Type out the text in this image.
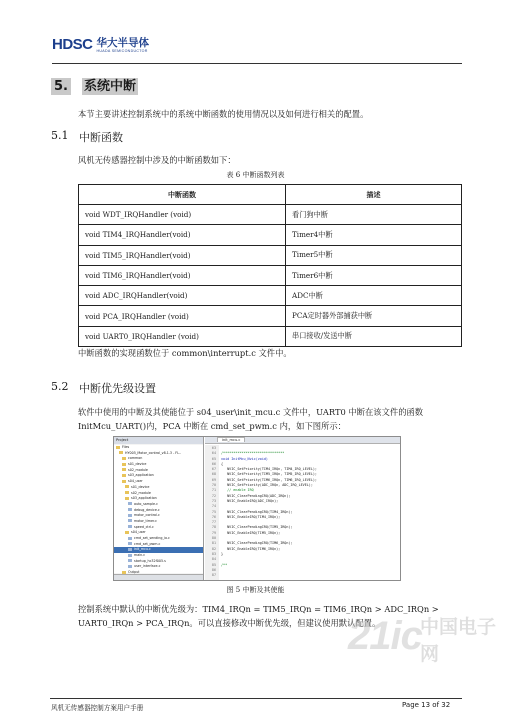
HDSC 华大半导体
HUADA SEMICONDUCTOR
5. 系统中断
本节主要讲述控制系统中的系统中断函数的使用情况以及如何进行相关的配置。
5.1 中断函数
风机无传感器控制中涉及的中断函数如下：
表 6 中断函数列表
中断函数	描述
void WDT_IRQHandler (void)	看门狗中断
void TIM4_IRQHandler(void)	Timer4中断
void TIM5_IRQHandler(void)	Timer5中断
void TIM6_IRQHandler(void)	Timer6中断
void ADC_IRQHandler(void)	ADC中断
void PCA_IRQHandler (void)	PCA定时器外部捕获中断
void UART0_IRQHandler (void)	串口接收/发送中断
中断函数的实现函数位于 common\interrupt.c 文件中。
5.2 中断优先级设置
软件中使用的中断及其使能位于 s04_user\init_mcu.c 文件中，UART0 中断在该文件的函数
InitMcu_UART()内，PCA 中断在 cmd_set_pwm.c 内，如下图所示：
Project
Files
HY005_Motor_control_v8.1.3 - FL..
common
s01_device
s02_module
s03_application
s04_user
s01_device
s02_module
s03_application
auto_sample.c
debug_device.c
motor_control.c
motor_timer.c
speed_ctrl.c
s04_user
cmd_set_sending_io.c
cmd_set_pwm.c
init_mcu.c
main.c
startup_hc32f005.s
user_interface.c
Output
init_mcu.c
63
64	/******************************
65	void InitMcu_Nvic(void)
66	{
67	NVIC_SetPriority(TIM4_IRQn, TIM4_IRQ_LEVEL);
68	NVIC_SetPriority(TIM5_IRQn, TIM5_IRQ_LEVEL);
69	NVIC_SetPriority(TIM6_IRQn, TIM6_IRQ_LEVEL);
70	NVIC_SetPriority(ADC_IRQn, ADC_IRQ_LEVEL);
71	// enable IRQ
72	NVIC_ClearPendingIRQ(ADC_IRQn);
73	NVIC_EnableIRQ(ADC_IRQn);
74
75	NVIC_ClearPendingIRQ(TIM4_IRQn);
76	NVIC_EnableIRQ(TIM4_IRQn);
77
78	NVIC_ClearPendingIRQ(TIM5_IRQn);
79	NVIC_EnableIRQ(TIM5_IRQn);
80
81	NVIC_ClearPendingIRQ(TIM6_IRQn);
82	NVIC_EnableIRQ(TIM6_IRQn);
83	}
84
85	/**
86
87
图 5 中断及其使能
控制系统中默认的中断优先级为：TIM4_IRQn = TIM5_IRQn = TIM6_IRQn > ADC_IRQn >
UART0_IRQn > PCA_IRQn。可以直接修改中断优先级，但建议使用默认配置。
21ic
中国电子网
风机无传感器控制方案用户手册	Page 13 of 32
